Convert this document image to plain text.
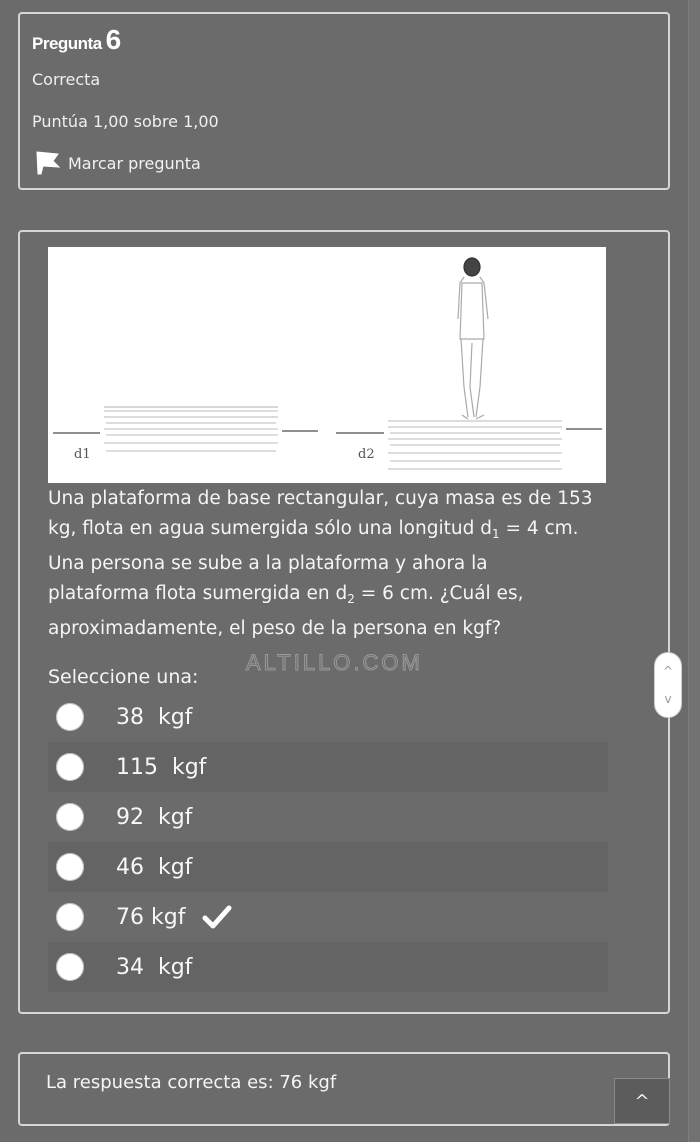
Pregunta 6
Correcta
Puntúa 1,00 sobre 1,00
Marcar pregunta
d1	d2
Una plataforma de base rectangular, cuya masa es de 153
kg, flota en agua sumergida sólo una longitud $d_1 = 4$ cm.
Una persona se sube a la plataforma y ahora la
plataforma flota sumergida en $d_2 = 6$ cm. ¿Cuál es,
aproximadamente, el peso de la persona en kgf?
ALTILLO.COM
Seleccione una:	^
v
38  kgf
115  kgf
92  kgf
46  kgf
76 kgf
34  kgf
La respuesta correcta es: 76 kgf
^
